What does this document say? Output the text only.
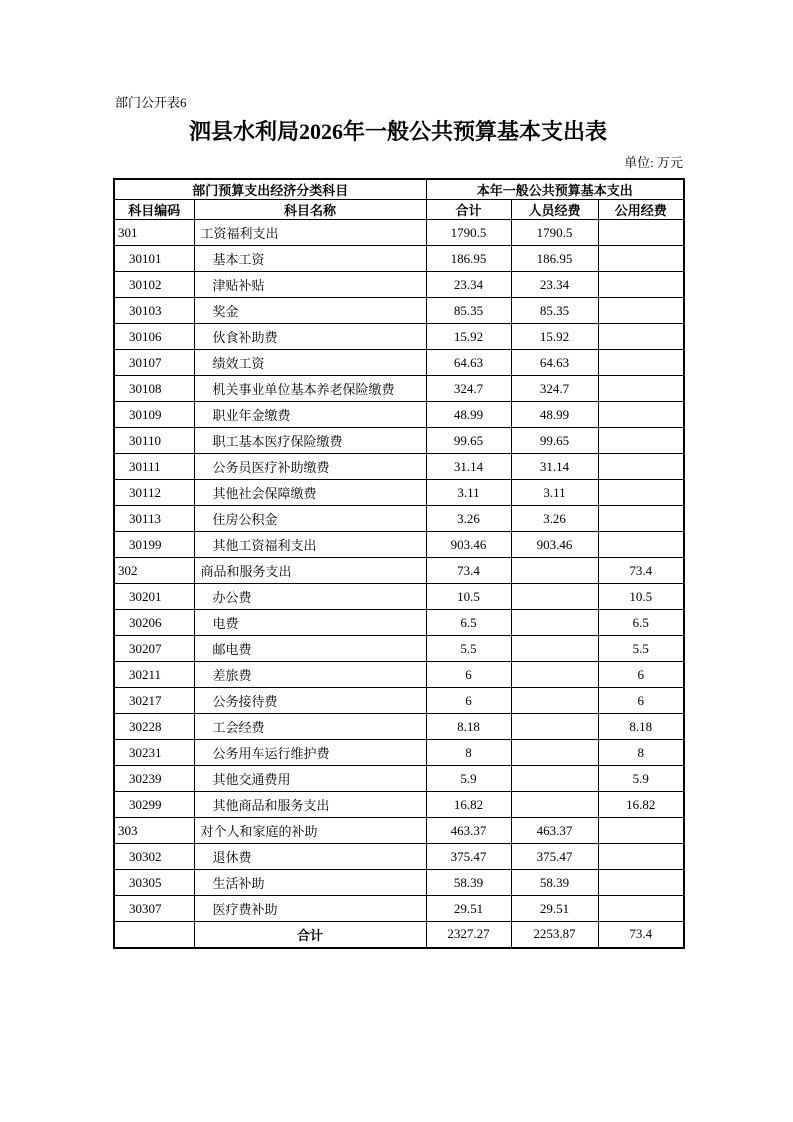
部门公开表6
泗县水利局2026年一般公共预算基本支出表
单位: 万元
部门预算支出经济分类科目		本年一般公共预算基本支出		
科目编码	科目名称	合计	人员经费	公用经费
301	工资福利支出	1790.5	1790.5	
30101	基本工资	186.95	186.95	
30102	津贴补贴	23.34	23.34	
30103	奖金	85.35	85.35	
30106	伙食补助费	15.92	15.92	
30107	绩效工资	64.63	64.63	
30108	机关事业单位基本养老保险缴费	324.7	324.7	
30109	职业年金缴费	48.99	48.99	
30110	职工基本医疗保险缴费	99.65	99.65	
30111	公务员医疗补助缴费	31.14	31.14	
30112	其他社会保障缴费	3.11	3.11	
30113	住房公积金	3.26	3.26	
30199	其他工资福利支出	903.46	903.46	
302	商品和服务支出	73.4		73.4
30201	办公费	10.5		10.5
30206	电费	6.5		6.5
30207	邮电费	5.5		5.5
30211	差旅费	6		6
30217	公务接待费	6		6
30228	工会经费	8.18		8.18
30231	公务用车运行维护费	8		8
30239	其他交通费用	5.9		5.9
30299	其他商品和服务支出	16.82		16.82
303	对个人和家庭的补助	463.37	463.37	
30302	退休费	375.47	375.47	
30305	生活补助	58.39	58.39	
30307	医疗费补助	29.51	29.51	
	合计	2327.27	2253.87	73.4
